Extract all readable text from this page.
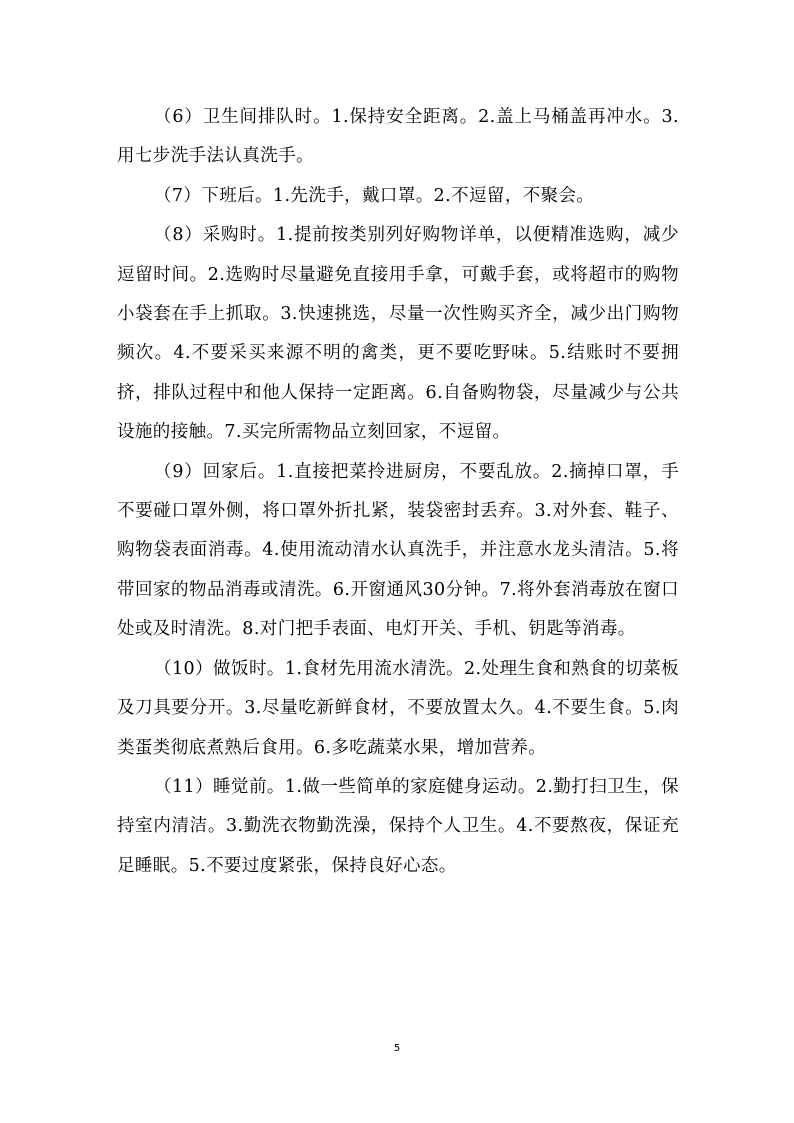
（6）卫生间排队时。1.保持安全距离。2.盖上马桶盖再冲水。3.用七步洗手法认真洗手。

（7）下班后。1.先洗手，戴口罩。2.不逗留，不聚会。

（8）采购时。1.提前按类别列好购物详单，以便精准选购，减少逗留时间。2.选购时尽量避免直接用手拿，可戴手套，或将超市的购物小袋套在手上抓取。3.快速挑选，尽量一次性购买齐全，减少出门购物频次。4.不要采买来源不明的禽类，更不要吃野味。5.结账时不要拥挤，排队过程中和他人保持一定距离。6.自备购物袋，尽量减少与公共设施的接触。7.买完所需物品立刻回家，不逗留。

（9）回家后。1.直接把菜拎进厨房，不要乱放。2.摘掉口罩，手不要碰口罩外侧，将口罩外折扎紧，装袋密封丢弃。3.对外套、鞋子、购物袋表面消毒。4.使用流动清水认真洗手，并注意水龙头清洁。5.将带回家的物品消毒或清洗。6.开窗通风30分钟。7.将外套消毒放在窗口处或及时清洗。8.对门把手表面、电灯开关、手机、钥匙等消毒。

（10）做饭时。1.食材先用流水清洗。2.处理生食和熟食的切菜板 及刀具要分开。3.尽量吃新鲜食材，不要放置太久。4.不要生食。5.肉类蛋类彻底煮熟后食用。6.多吃蔬菜水果，增加营养。

（11）睡觉前。1.做一些简单的家庭健身运动。2.勤打扫卫生，保 持室内清洁。3.勤洗衣物勤洗澡，保持个人卫生。4.不要熬夜，保证充足睡眠。5.不要过度紧张，保持良好心态。

5
